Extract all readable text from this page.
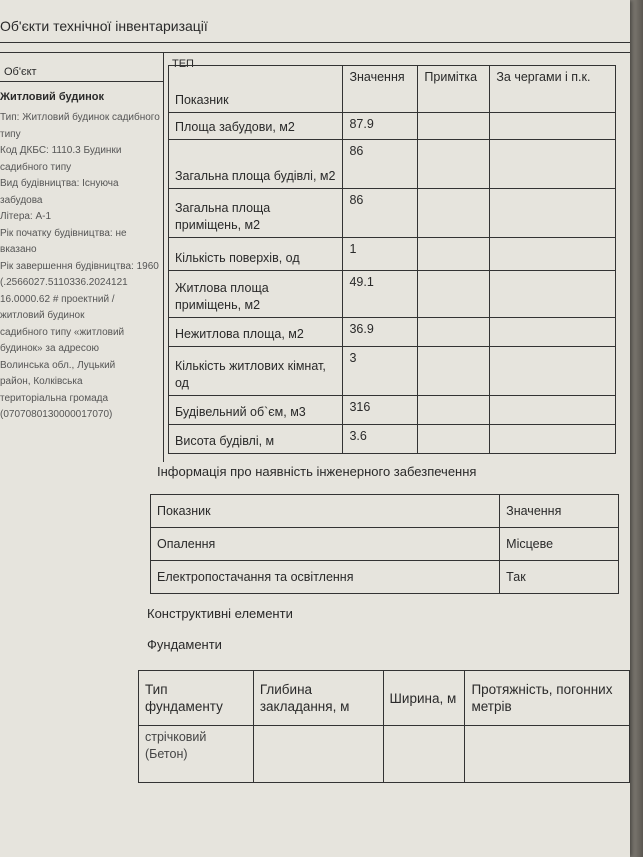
Об'єкти технічної інвентаризації
Об'єкт
ТЕП
Житловий будинок
Тип: Житловий будинок садибного
типу
Код ДКБС: 1110.3 Будинки
садибного типу
Вид будівництва: Існуюча забудова
Літера: А-1
Рік початку будівництва: не
вказано
Рік завершення будівництва: 1960
(.2566027.5110336.2024121
16.0000.62 # проектний /
житловий будинок
садибного типу «житловий
будинок» за адресою
Волинська обл., Луцький
район, Колківська
територіальна громада
(0707080130000017070)
Показник	Значення	Примітка	За чергами і п.к.
Площа забудови, м2	87.9		
Загальна площа будівлі, м2	86		
Загальна площа приміщень, м2	86		
Кількість поверхів, од	1		
Житлова площа приміщень, м2	49.1		
Нежитлова площа, м2	36.9		
Кількість житлових кімнат, од	3		
Будівельний об`єм, м3	316		
Висота будівлі, м	3.6		
Інформація про наявність інженерного забезпечення
Показник	Значення
Опалення	Місцеве
Електропостачання та освітлення	Так
Конструктивні елементи
Фундаменти
Тип фундаменту	Глибина закладання, м	Ширина, м	Протяжність, погонних метрів
стрічковий (Бетон)			
